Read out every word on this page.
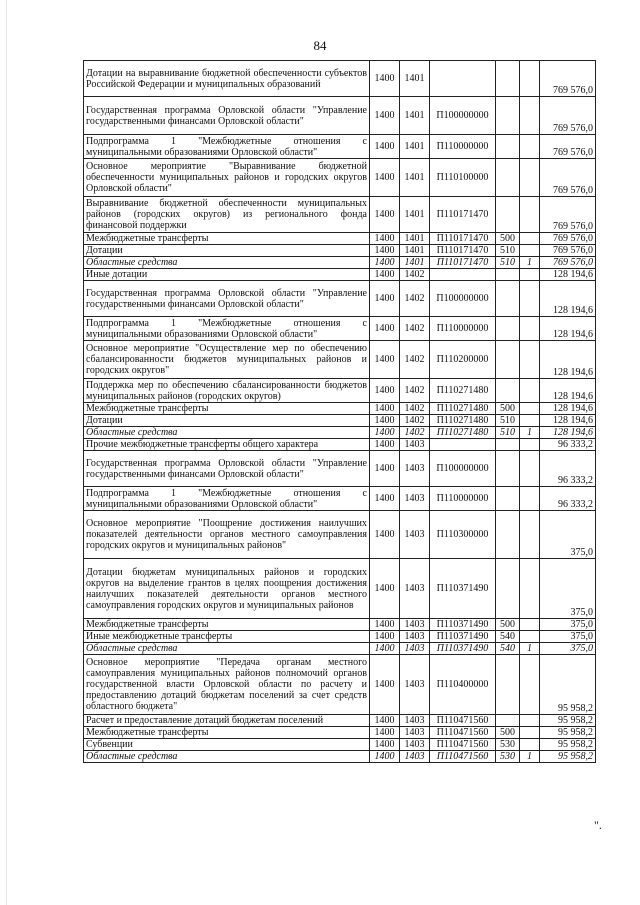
84
Дотации на выравнивание бюджетной обеспеченности субъектов Российской Федерации и муниципальных образований	1400	1401				769 576,0
Государственная программа Орловской области "Управление государственными финансами Орловской области"	1400	1401	П100000000			769 576,0
Подпрограмма 1 "Межбюджетные отношения с муниципальными образованиями Орловской области"	1400	1401	П110000000			769 576,0
Основное мероприятие "Выравнивание бюджетной обеспеченности муниципальных районов и городских округов Орловской области"	1400	1401	П110100000			769 576,0
Выравнивание бюджетной обеспеченности муниципальных районов (городских округов) из регионального фонда финансовой поддержки	1400	1401	П110171470			769 576,0
Межбюджетные трансферты	1400	1401	П110171470	500		769 576,0
Дотации	1400	1401	П110171470	510		769 576,0
Областные средства	1400	1401	П110171470	510	1	769 576,0
Иные дотации	1400	1402				128 194,6
Государственная программа Орловской области "Управление государственными финансами Орловской области"	1400	1402	П100000000			128 194,6
Подпрограмма 1 "Межбюджетные отношения с муниципальными образованиями Орловской области"	1400	1402	П110000000			128 194,6
Основное мероприятие "Осуществление мер по обеспечению сбалансированности бюджетов муниципальных районов и городских округов"	1400	1402	П110200000			128 194,6
Поддержка мер по обеспечению сбалансированности бюджетов муниципальных районов (городских округов)	1400	1402	П110271480			128 194,6
Межбюджетные трансферты	1400	1402	П110271480	500		128 194,6
Дотации	1400	1402	П110271480	510		128 194,6
Областные средства	1400	1402	П110271480	510	1	128 194,6
Прочие межбюджетные трансферты общего характера	1400	1403				96 333,2
Государственная программа Орловской области "Управление государственными финансами Орловской области"	1400	1403	П100000000			96 333,2
Подпрограмма 1 "Межбюджетные отношения с муниципальными образованиями Орловской области"	1400	1403	П110000000			96 333,2
Основное мероприятие "Поощрение достижения наилучших показателей деятельности органов местного самоуправления городских округов и муниципальных районов"	1400	1403	П110300000			375,0
Дотации бюджетам муниципальных районов и городских округов на выделение грантов в целях поощрения достижения наилучших показателей деятельности органов местного самоуправления городских округов и муниципальных районов	1400	1403	П110371490			375,0
Межбюджетные трансферты	1400	1403	П110371490	500		375,0
Иные межбюджетные трансферты	1400	1403	П110371490	540		375,0
Областные средства	1400	1403	П110371490	540	1	375,0
Основное мероприятие "Передача органам местного самоуправления муниципальных районов полномочий органов государственной власти Орловской области по расчету и предоставлению дотаций бюджетам поселений за счет средств областного бюджета"	1400	1403	П110400000			95 958,2
Расчет и предоставление дотаций бюджетам поселений	1400	1403	П110471560			95 958,2
Межбюджетные трансферты	1400	1403	П110471560	500		95 958,2
Субвенции	1400	1403	П110471560	530		95 958,2
Областные средства	1400	1403	П110471560	530	1	95 958,2
".
